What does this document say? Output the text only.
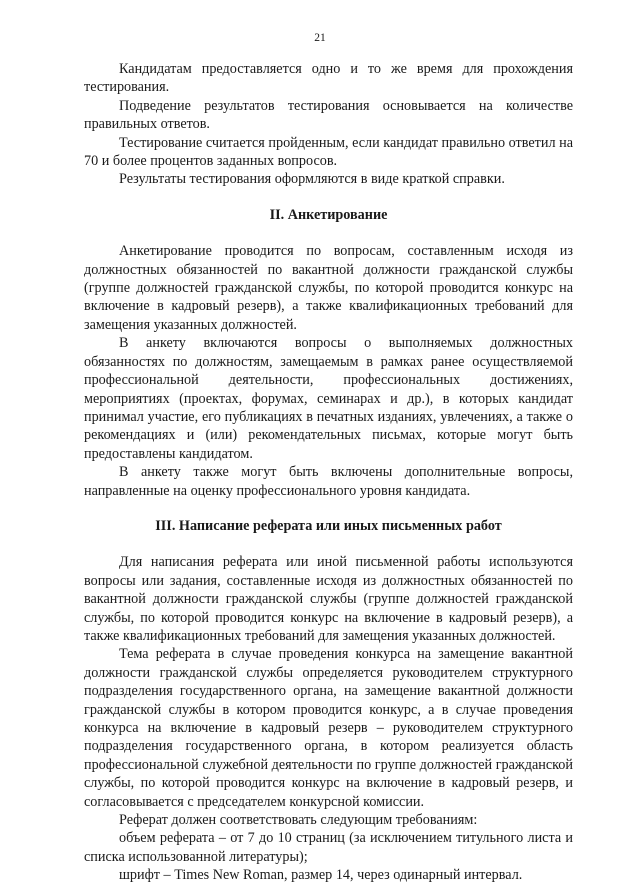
21

Кандидатам предоставляется одно и то же время для прохождения тестирования.

Подведение результатов тестирования основывается на количестве правильных ответов.

Тестирование считается пройденным, если кандидат правильно ответил на 70 и более процентов заданных вопросов.

Результаты тестирования оформляются в виде краткой справки.

II. Анкетирование

Анкетирование проводится по вопросам, составленным исходя из должностных обязанностей по вакантной должности гражданской службы (группе должностей гражданской службы, по которой проводится конкурс на включение в кадровый резерв), а также квалификационных требований для замещения указанных должностей.

В анкету включаются вопросы о выполняемых должностных обязанностях по должностям, замещаемым в рамках ранее осуществляемой профессиональной деятельности, профессиональных достижениях, мероприятиях (проектах, форумах, семинарах и др.), в которых кандидат принимал участие, его публикациях в печатных изданиях, увлечениях, а также о рекомендациях и (или) рекомендательных письмах, которые могут быть предоставлены кандидатом.

В анкету также могут быть включены дополнительные вопросы, направленные на оценку профессионального уровня кандидата.

III. Написание реферата или иных письменных работ

Для написания реферата или иной письменной работы используются вопросы или задания, составленные исходя из должностных обязанностей по вакантной должности гражданской службы (группе должностей гражданской службы, по которой проводится конкурс на включение в кадровый резерв), а также квалификационных требований для замещения указанных должностей.

Тема реферата в случае проведения конкурса на замещение вакантной должности гражданской службы определяется руководителем структурного подразделения государственного органа, на замещение вакантной должности гражданской службы в котором проводится конкурс, а в случае проведения конкурса на включение в кадровый резерв – руководителем структурного подразделения государственного органа, в котором реализуется область профессиональной служебной деятельности по группе должностей гражданской службы, по которой проводится конкурс на включение в кадровый резерв, и согласовывается с председателем конкурсной комиссии.

Реферат должен соответствовать следующим требованиям:

объем реферата – от 7 до 10 страниц (за исключением титульного листа и списка использованной литературы);

шрифт – Times New Roman, размер 14, через одинарный интервал.
